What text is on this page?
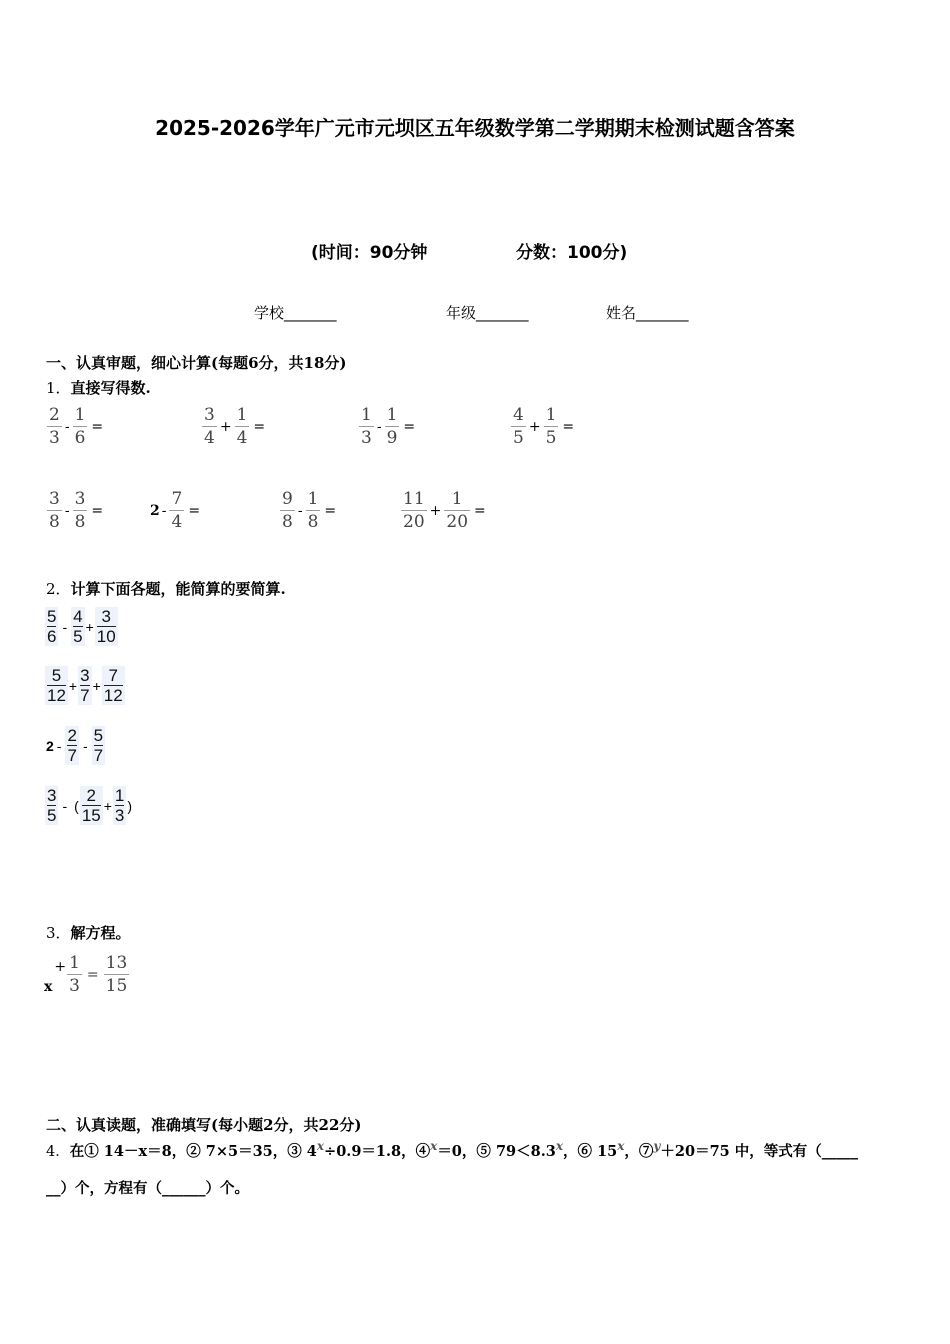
2025-2026学年广元市元坝区五年级数学第二学期期末检测试题含答案
(时间：90分钟	分数：100分)
学校_______	年级_______	姓名_______
一、认真审题，细心计算(每题6分，共18分)
1．直接写得数.
$\frac{2}{3} - \frac{1}{6}$ =	$\frac{3}{4} + \frac{1}{4}$ =	$\frac{1}{3} - \frac{1}{9}$ =	$\frac{4}{5} + \frac{1}{5}$ =
$\frac{3}{8} - \frac{3}{8}$ =	$2 - \frac{7}{4}$ =	$\frac{9}{8} - \frac{1}{8}$ =	$\frac{11}{20} + \frac{1}{20}$ =
2．计算下面各题，能简算的要简算.
5
6
-
4
5
+
3
10
5
12
+
3
7
+
7
12
2 -
2
7
-
5
7
3
5
- (
2
15
+
1
3
)
3．解方程。
x
+ $\frac{1}{3} = \frac{13}{15}$
二、认真读题，准确填写(每小题2分，共22分)
4．在① 14－x＝8，② 7×5＝35，③ $4^x\div 0.9=1.8$，④$^x$＝0，⑤ $79<8.3^x$，⑥ 15$^x$，⑦$^y$＋20＝75 中，等式有（_____
__）个，方程有（______）个。
